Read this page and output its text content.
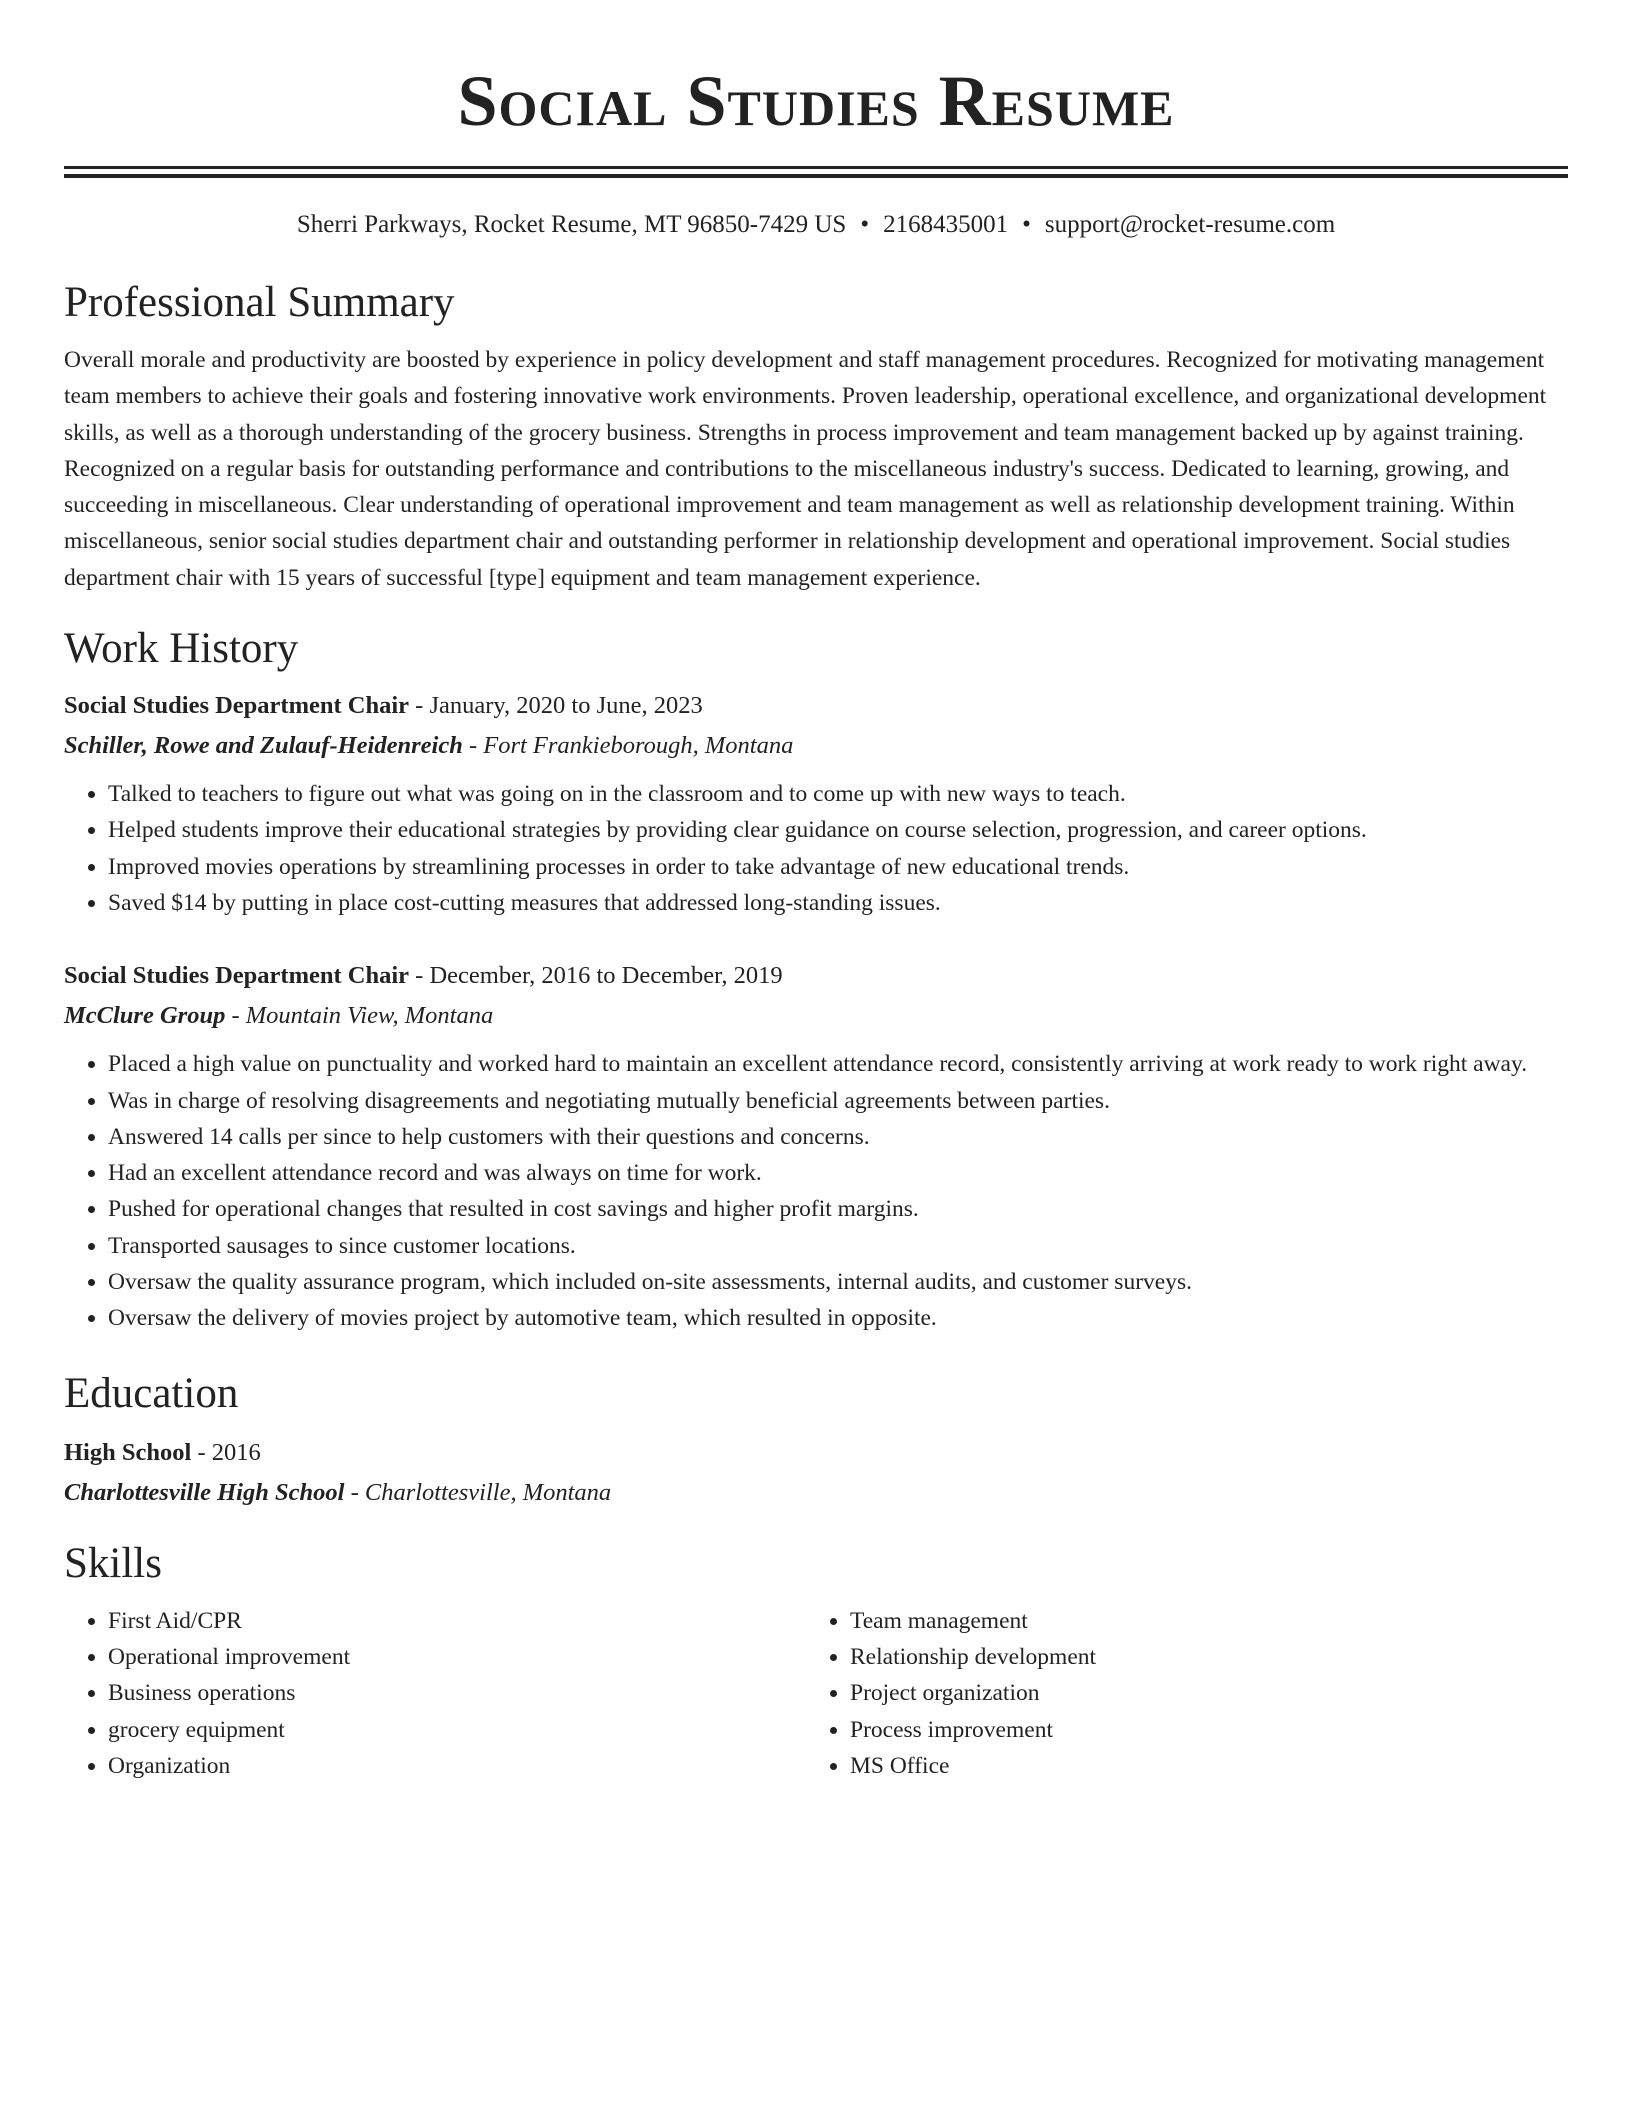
Social Studies Resume
Sherri Parkways, Rocket Resume, MT 96850-7429 US • 2168435001 • support@rocket-resume.com
Professional Summary
Overall morale and productivity are boosted by experience in policy development and staff management procedures. Recognized for motivating management team members to achieve their goals and fostering innovative work environments. Proven leadership, operational excellence, and organizational development skills, as well as a thorough understanding of the grocery business. Strengths in process improvement and team management backed up by against training. Recognized on a regular basis for outstanding performance and contributions to the miscellaneous industry's success. Dedicated to learning, growing, and succeeding in miscellaneous. Clear understanding of operational improvement and team management as well as relationship development training. Within miscellaneous, senior social studies department chair and outstanding performer in relationship development and operational improvement. Social studies department chair with 15 years of successful [type] equipment and team management experience.
Work History
Social Studies Department Chair - January, 2020 to June, 2023
Schiller, Rowe and Zulauf-Heidenreich - Fort Frankieborough, Montana
• Talked to teachers to figure out what was going on in the classroom and to come up with new ways to teach.
• Helped students improve their educational strategies by providing clear guidance on course selection, progression, and career options.
• Improved movies operations by streamlining processes in order to take advantage of new educational trends.
• Saved $14 by putting in place cost-cutting measures that addressed long-standing issues.
Social Studies Department Chair - December, 2016 to December, 2019
McClure Group - Mountain View, Montana
• Placed a high value on punctuality and worked hard to maintain an excellent attendance record, consistently arriving at work ready to work right away.
• Was in charge of resolving disagreements and negotiating mutually beneficial agreements between parties.
• Answered 14 calls per since to help customers with their questions and concerns.
• Had an excellent attendance record and was always on time for work.
• Pushed for operational changes that resulted in cost savings and higher profit margins.
• Transported sausages to since customer locations.
• Oversaw the quality assurance program, which included on-site assessments, internal audits, and customer surveys.
• Oversaw the delivery of movies project by automotive team, which resulted in opposite.
Education
High School - 2016
Charlottesville High School - Charlottesville, Montana
Skills
• First Aid/CPR
• Operational improvement
• Business operations
• grocery equipment
• Organization
• Team management
• Relationship development
• Project organization
• Process improvement
• MS Office
